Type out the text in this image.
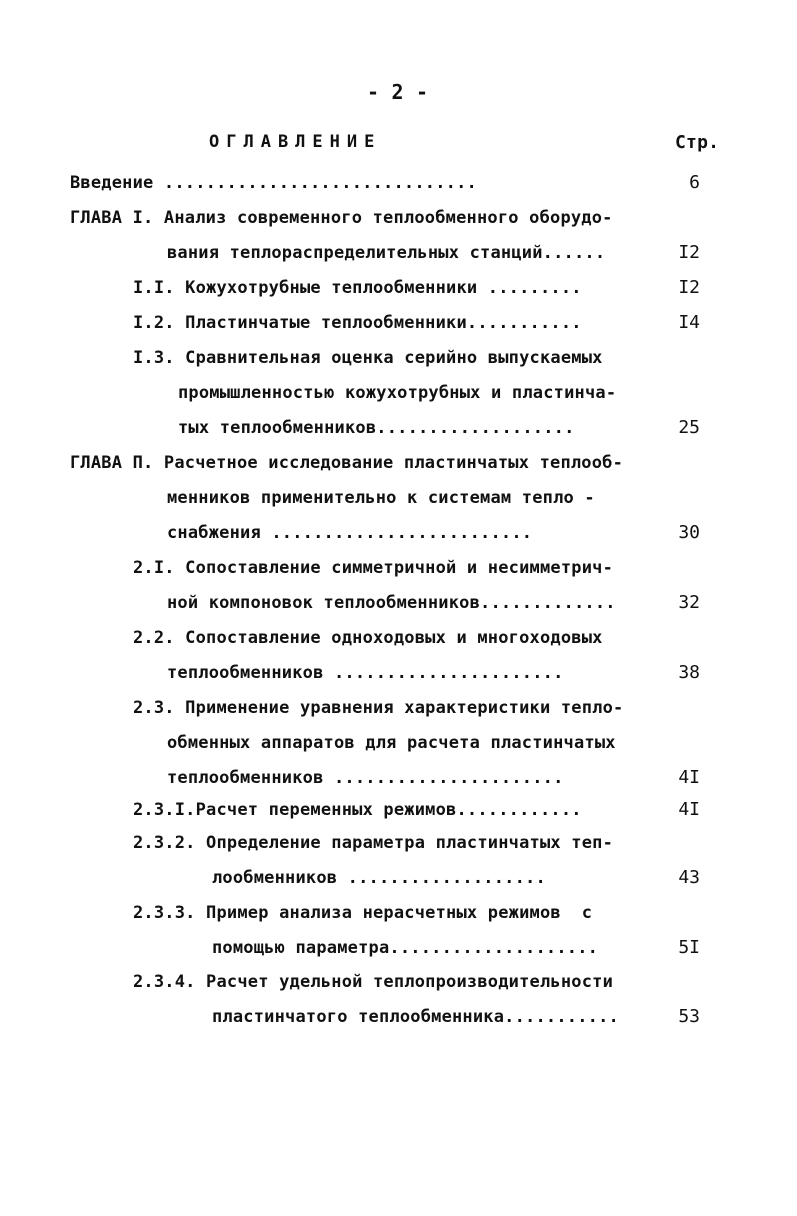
- 2 -
ОГЛАВЛЕНИЕ	Стр.
Введение ..............................	6
ГЛАВА I. Анализ современного теплообменного оборудо-
вания теплораспределительных станций......	I2
I.I. Кожухотрубные теплообменники .........	I2
I.2. Пластинчатые теплообменники...........	I4
I.3. Сравнительная оценка серийно выпускаемых
промышленностью кожухотрубных и пластинча-
тых теплообменников...................	25
ГЛАВА П. Расчетное исследование пластинчатых теплооб-
менников применительно к системам тепло -
снабжения .........................	30
2.I. Сопоставление симметричной и несимметрич-
ной компоновок теплообменников.............	32
2.2. Сопоставление одноходовых и многоходовых
теплообменников ......................	38
2.3. Применение уравнения характеристики тепло-
обменных аппаратов для расчета пластинчатых
теплообменников ......................	4I
2.3.I.Расчет переменных режимов............	4I
2.3.2. Определение параметра пластинчатых теп-
лообменников ...................	43
2.3.3. Пример анализа нерасчетных режимов  с
помощью параметра....................	5I
2.3.4. Расчет удельной теплопроизводительности
пластинчатого теплообменника...........	53
